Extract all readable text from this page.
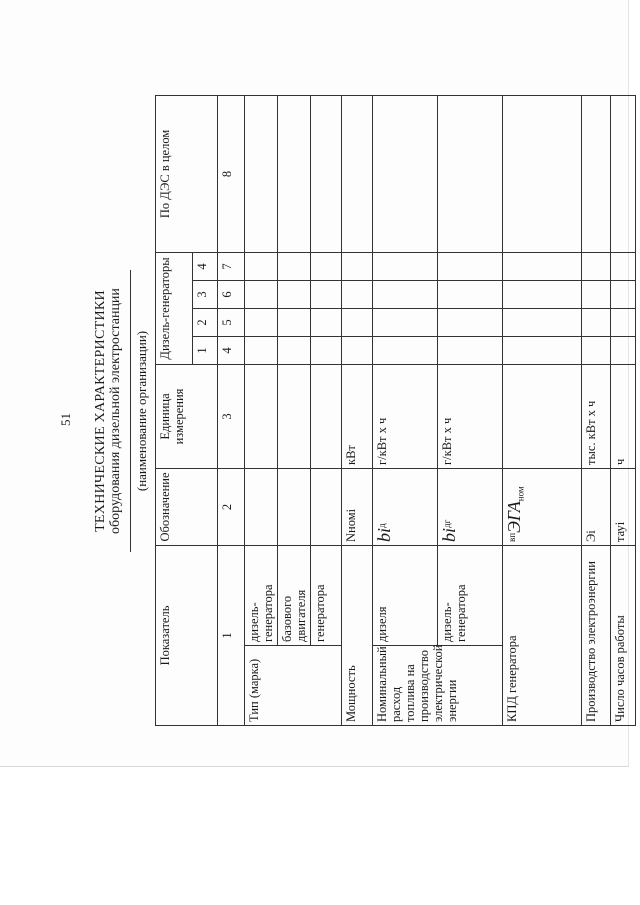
51 ТЕХНИЧЕСКИЕ ХАРАКТЕРИСТИКИ оборудования дизельной электростанции (наименование организации)
Показатель		Обозначение	Единица измерения	Дизель-генераторы				По ДЭС в целом
				1	2	3	4	
1		2	3	4	5	6	7	8
Тип (марка)	дизель-генератора							
	базового двигателя							
	генератора							
Мощность		Nномi	кВт					
Номинальный расход топлива на производство электрической энергии	дизеля	$bi^д$	г/кВт х ч					
	дизель-генератора	$bi^{дг}$	г/кВт х ч					
КПД генератора		$^{вп}ЭГА_{ном}$						
Производство электроэнергии		Эi	тыс. кВт х ч					
Число часов работы		тауi	ч					
